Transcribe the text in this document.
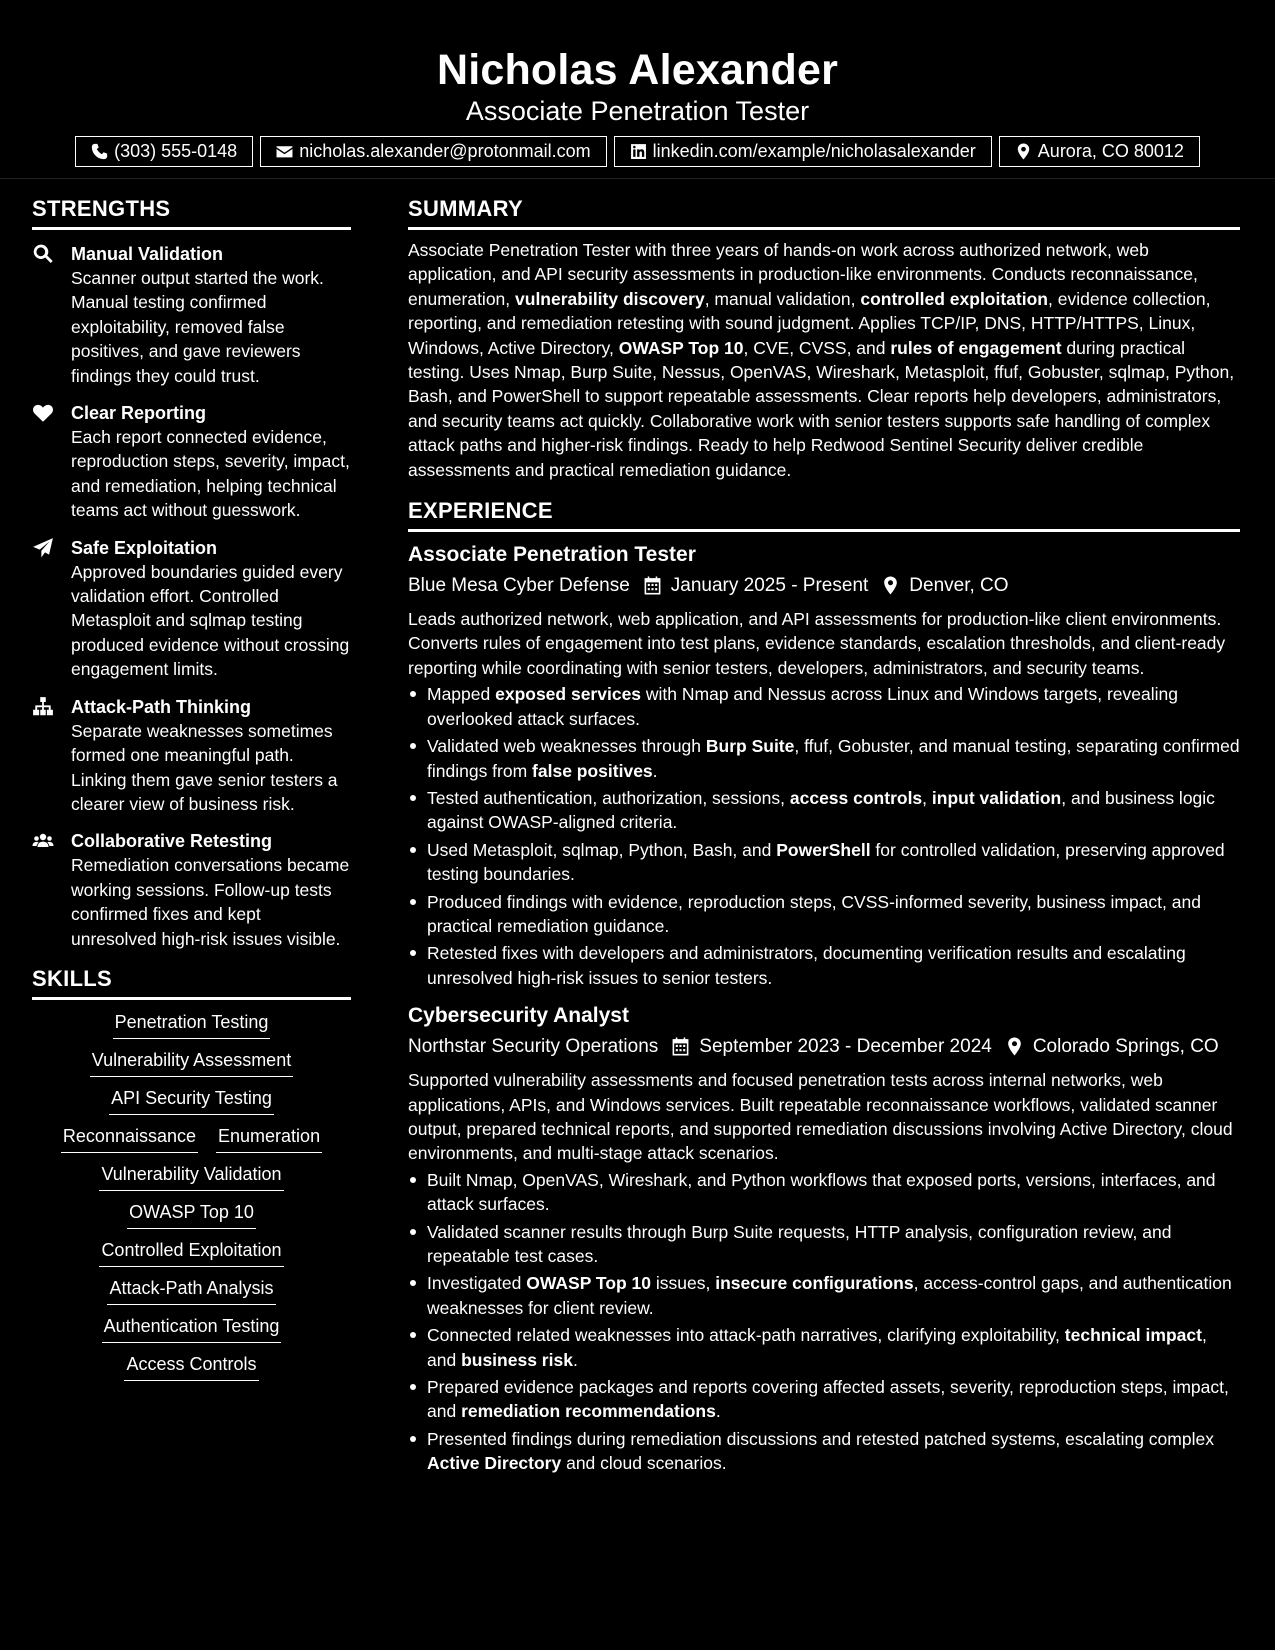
Nicholas Alexander
Associate Penetration Tester
(303) 555-0148	nicholas.alexander@protonmail.com	linkedin.com/example/nicholasalexander	Aurora, CO 80012
STRENGTHS
Manual Validation
Scanner output started the work. Manual testing confirmed exploitability, removed false positives, and gave reviewers findings they could trust.
Clear Reporting
Each report connected evidence, reproduction steps, severity, impact, and remediation, helping technical teams act without guesswork.
Safe Exploitation
Approved boundaries guided every validation effort. Controlled Metasploit and sqlmap testing produced evidence without crossing engagement limits.
Attack-Path Thinking
Separate weaknesses sometimes formed one meaningful path. Linking them gave senior testers a clearer view of business risk.
Collaborative Retesting
Remediation conversations became working sessions. Follow-up tests confirmed fixes and kept unresolved high-risk issues visible.
SKILLS
Penetration Testing
Vulnerability Assessment
API Security Testing
Reconnaissance Enumeration
Vulnerability Validation
OWASP Top 10
Controlled Exploitation
Attack-Path Analysis
Authentication Testing
Access Controls
SUMMARY

Associate Penetration Tester with three years of hands-on work across authorized network, web application, and API security assessments in production-like environments. Conducts reconnaissance, enumeration, vulnerability discovery, manual validation, controlled exploitation, evidence collection, reporting, and remediation retesting with sound judgment. Applies TCP/IP, DNS, HTTP/HTTPS, Linux, Windows, Active Directory, OWASP Top 10, CVE, CVSS, and rules of engagement during practical testing. Uses Nmap, Burp Suite, Nessus, OpenVAS, Wireshark, Metasploit, ffuf, Gobuster, sqlmap, Python, Bash, and PowerShell to support repeatable assessments. Clear reports help developers, administrators, and security teams act quickly. Collaborative work with senior testers supports safe handling of complex attack paths and higher-risk findings. Ready to help Redwood Sentinel Security deliver credible assessments and practical remediation guidance.

EXPERIENCE
Associate Penetration Tester
Blue Mesa Cyber Defense January 2025 - Present Denver, CO

Leads authorized network, web application, and API assessments for production-like client environments. Converts rules of engagement into test plans, evidence standards, escalation thresholds, and client-ready reporting while coordinating with senior testers, developers, administrators, and security teams.

Mapped exposed services with Nmap and Nessus across Linux and Windows targets, revealing overlooked attack surfaces.
Validated web weaknesses through Burp Suite, ffuf, Gobuster, and manual testing, separating confirmed findings from false positives.
Tested authentication, authorization, sessions, access controls, input validation, and business logic against OWASP-aligned criteria.
Used Metasploit, sqlmap, Python, Bash, and PowerShell for controlled validation, preserving approved testing boundaries.
Produced findings with evidence, reproduction steps, CVSS-informed severity, business impact, and practical remediation guidance.
Retested fixes with developers and administrators, documenting verification results and escalating unresolved high-risk issues to senior testers.
Cybersecurity Analyst
Northstar Security Operations September 2023 - December 2024 Colorado Springs, CO

Supported vulnerability assessments and focused penetration tests across internal networks, web applications, APIs, and Windows services. Built repeatable reconnaissance workflows, validated scanner output, prepared technical reports, and supported remediation discussions involving Active Directory, cloud environments, and multi-stage attack scenarios.

Built Nmap, OpenVAS, Wireshark, and Python workflows that exposed ports, versions, interfaces, and attack surfaces.
Validated scanner results through Burp Suite requests, HTTP analysis, configuration review, and repeatable test cases.
Investigated OWASP Top 10 issues, insecure configurations, access-control gaps, and authentication weaknesses for client review.
Connected related weaknesses into attack-path narratives, clarifying exploitability, technical impact, and business risk.
Prepared evidence packages and reports covering affected assets, severity, reproduction steps, impact, and remediation recommendations.
Presented findings during remediation discussions and retested patched systems, escalating complex Active Directory and cloud scenarios.
